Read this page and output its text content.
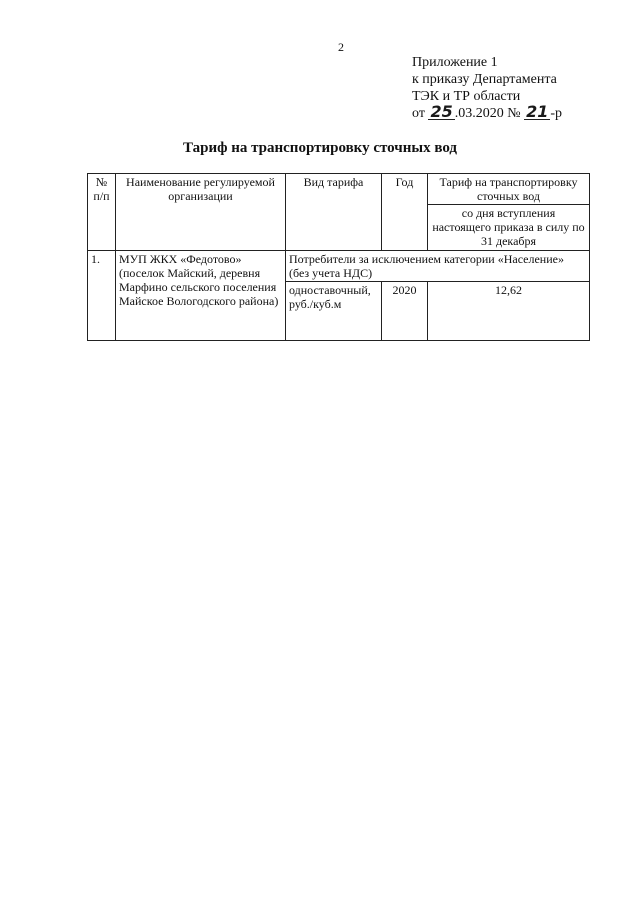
2
Приложение 1
к приказу Департамента
ТЭК и ТР области
от 25 .03.2020 № 21 -р
Тариф на транспортировку сточных вод
№ п/п	Наименование регулируемой организации	Вид тарифа	Год	Тариф на транспортировку сточных вод
				со дня вступления настоящего приказа в силу по 31 декабря
1.	МУП ЖКХ «Федотово» (поселок Майский, деревня Марфино сельского поселения Майское Вологодского района)	Потребители за исключением категории «Население» (без учета НДС)		
		одноставочный, руб./куб.м	2020	12,62
